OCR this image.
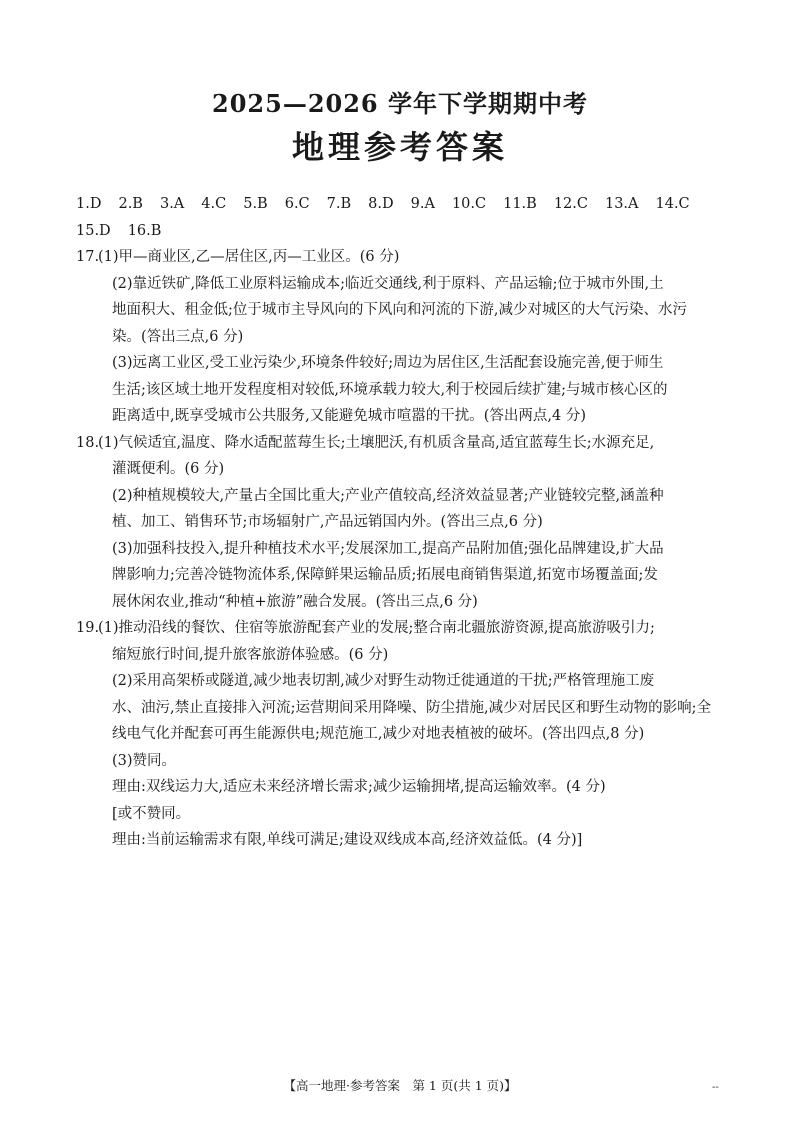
2025—2026 学年下学期期中考
地理参考答案
1.D 2.B 3.A 4.C 5.B 6.C 7.B 8.D 9.A 10.C 11.B 12.C 13.A 14.C
15.D 16.B
17.
(1)甲—商业区,乙—居住区,丙—工业区。(6 分)
(2)靠近铁矿,降低工业原料运输成本;临近交通线,利于原料、产品运输;位于城市外围,土
地面积大、租金低;位于城市主导风向的下风向和河流的下游,减少对城区的大气污染、水污
染。(答出三点,6 分)
(3)远离工业区,受工业污染少,环境条件较好;周边为居住区,生活配套设施完善,便于师生
生活;该区域土地开发程度相对较低,环境承载力较大,利于校园后续扩建;与城市核心区的
距离适中,既享受城市公共服务,又能避免城市喧嚣的干扰。(答出两点,4 分)
18.
(1)气候适宜,温度、降水适配蓝莓生长;土壤肥沃,有机质含量高,适宜蓝莓生长;水源充足,
灌溉便利。(6 分)
(2)种植规模较大,产量占全国比重大;产业产值较高,经济效益显著;产业链较完整,涵盖种
植、加工、销售环节;市场辐射广,产品远销国内外。(答出三点,6 分)
(3)加强科技投入,提升种植技术水平;发展深加工,提高产品附加值;强化品牌建设,扩大品
牌影响力;完善冷链物流体系,保障鲜果运输品质;拓展电商销售渠道,拓宽市场覆盖面;发
展休闲农业,推动“种植+旅游”融合发展。(答出三点,6 分)
19.
(1)推动沿线的餐饮、住宿等旅游配套产业的发展;整合南北疆旅游资源,提高旅游吸引力;
缩短旅行时间,提升旅客旅游体验感。(6 分)
(2)采用高架桥或隧道,减少地表切割,减少对野生动物迁徙通道的干扰;严格管理施工废
水、油污,禁止直接排入河流;运营期间采用降噪、防尘措施,减少对居民区和野生动物的影响;全
线电气化并配套可再生能源供电;规范施工,减少对地表植被的破坏。(答出四点,8 分)
(3)赞同。
理由:双线运力大,适应未来经济增长需求;减少运输拥堵,提高运输效率。(4 分)
[或不赞同。
理由:当前运输需求有限,单线可满足;建设双线成本高,经济效益低。(4 分)]
【高一地理·参考答案　第 1 页(共 1 页)】	--
